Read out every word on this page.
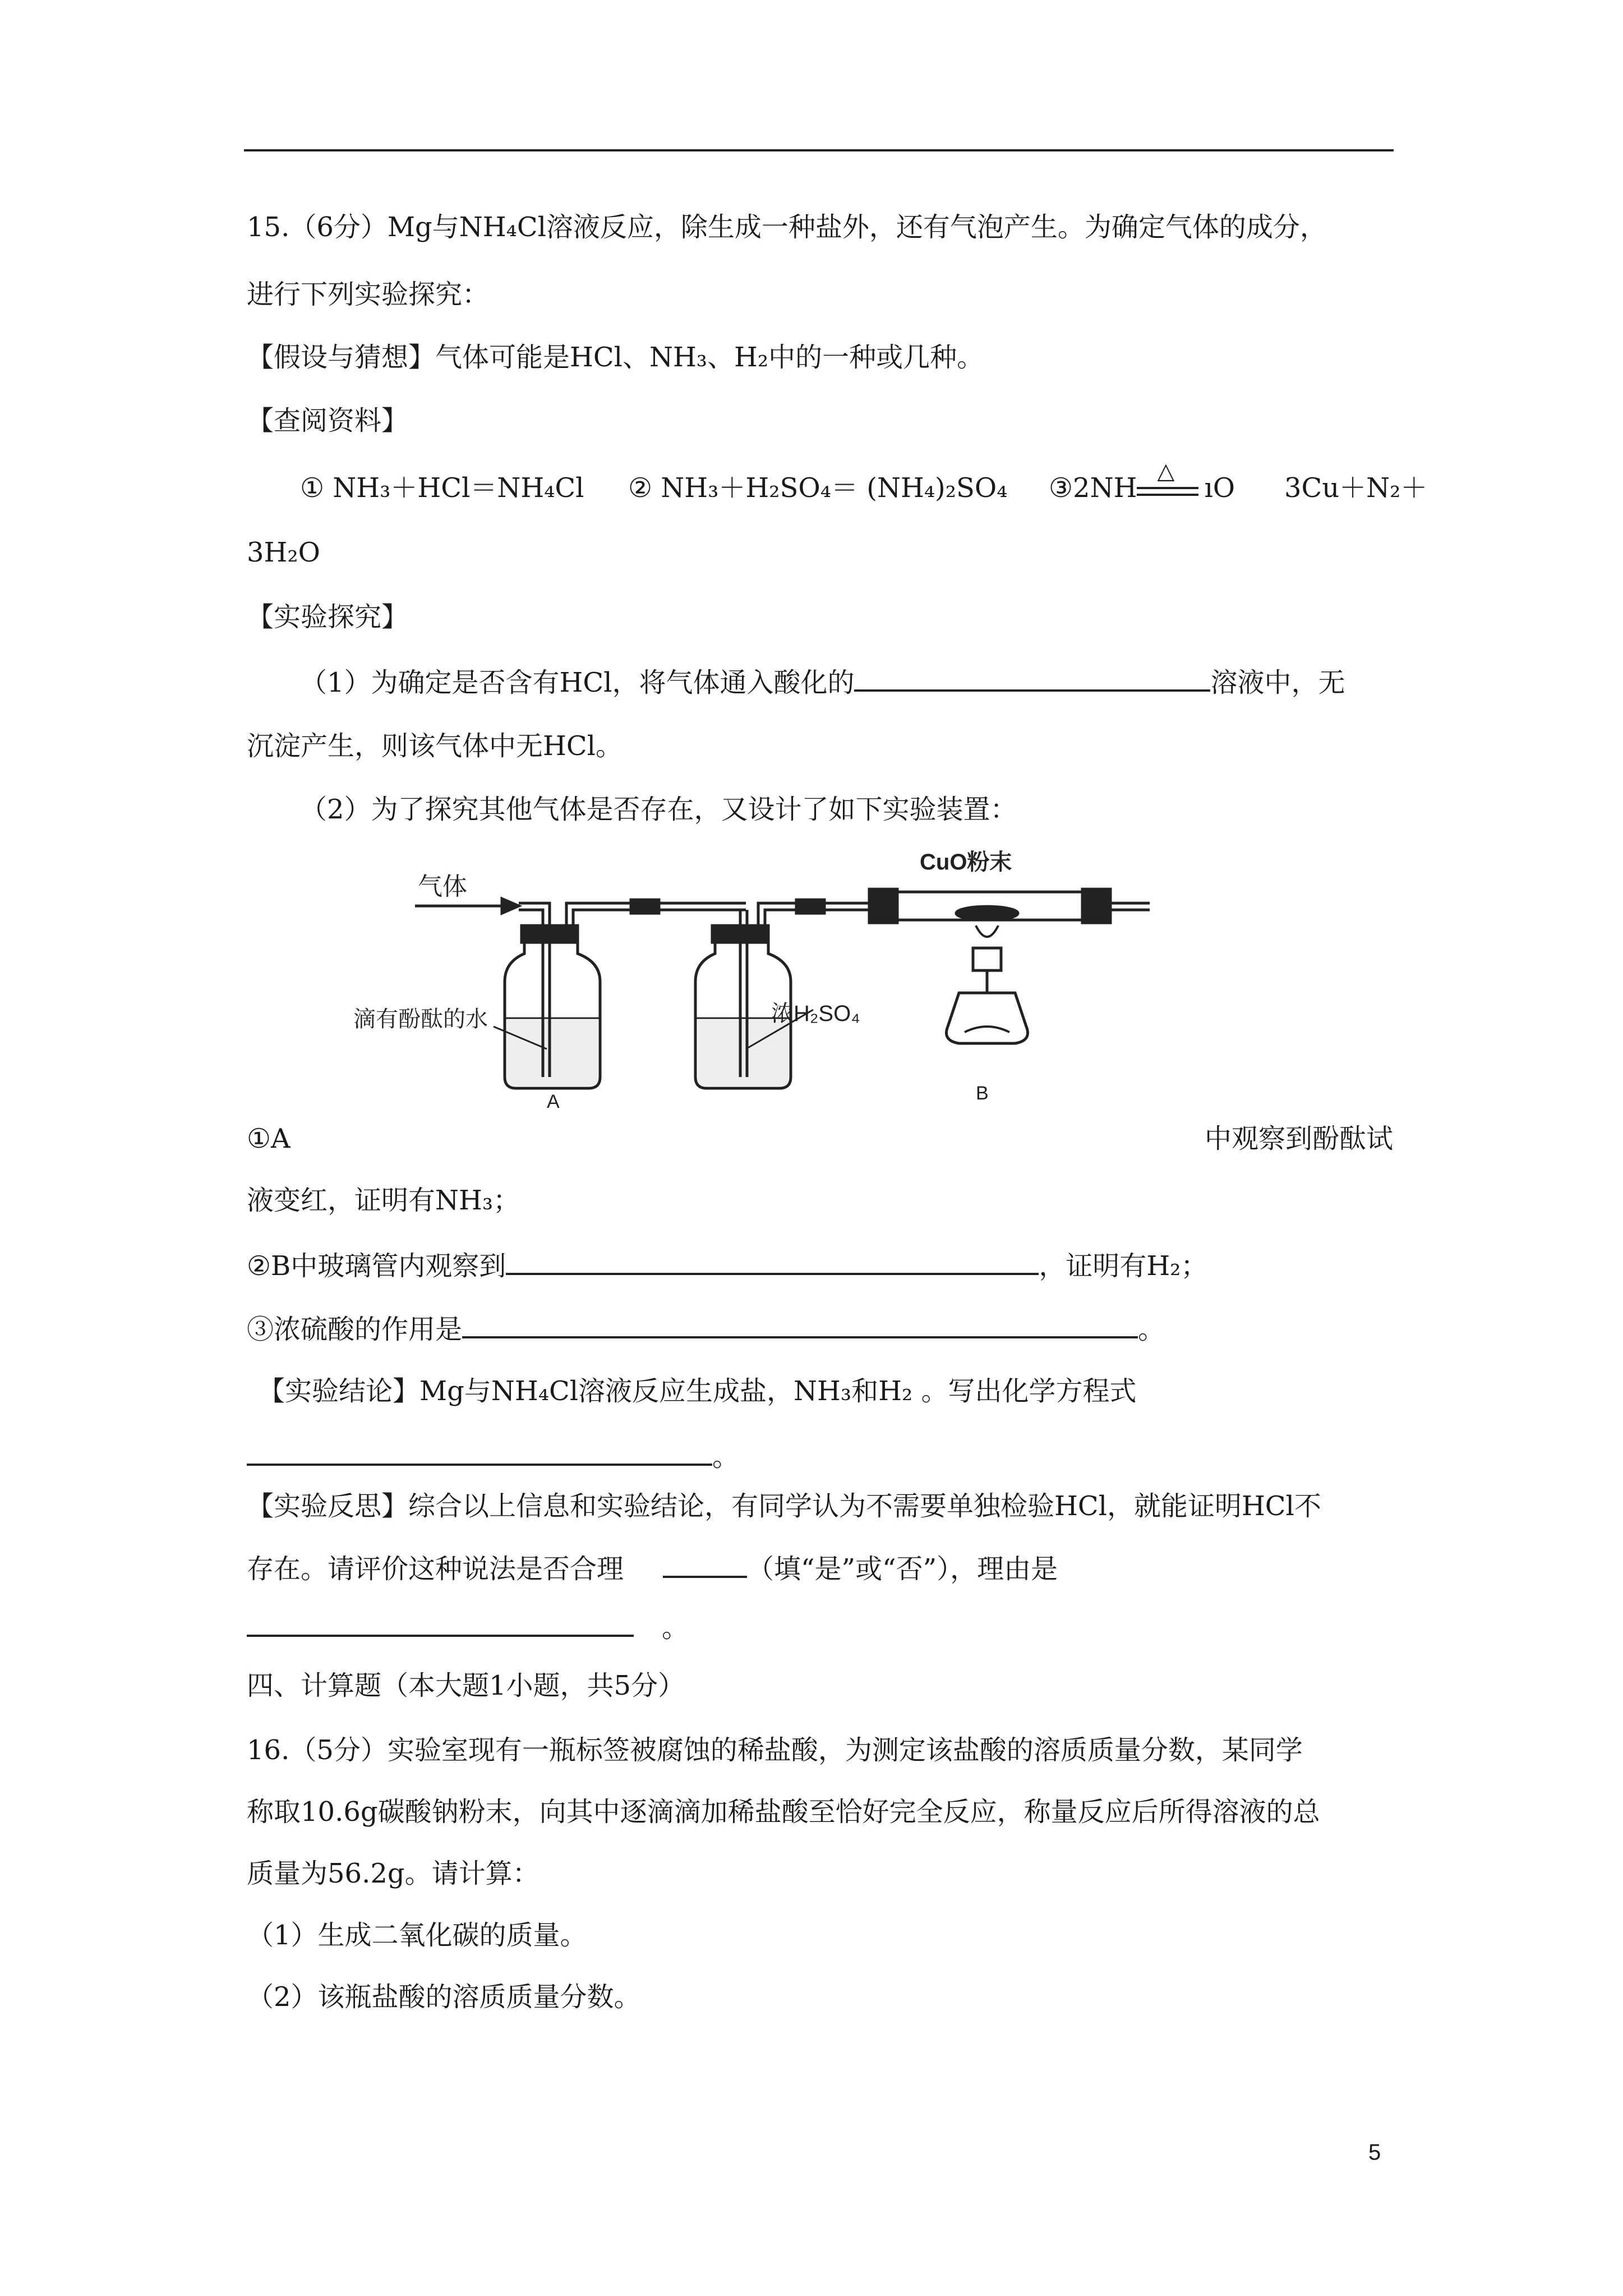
15.（6分）Mg与NH₄Cl溶液反应，除生成一种盐外，还有气泡产生。为确定气体的成分，
进行下列实验探究：
【假设与猜想】气体可能是HCl、NH₃、H₂中的一种或几种。
【查阅资料】
① NH₃＋HCl＝NH₄Cl ② NH₃＋H₂SO₄＝ (NH₄)₂SO₄ ③2NH
△
ıO 3Cu＋N₂＋
3H₂O
【实验探究】
（1）为确定是否含有HCl，将气体通入酸化的	溶液中，无
沉淀产生，则该气体中无HCl。
（2）为了探究其他气体是否存在，又设计了如下实验装置：
气体
CuO粉末
滴有酚酞的水	浓H₂SO₄
A	B
①A	中观察到酚酞试
液变红，证明有NH₃；
②B中玻璃管内观察到	，证明有H₂；
③浓硫酸的作用是	。
【实验结论】Mg与NH₄Cl溶液反应生成盐，NH₃和H₂ 。写出化学方程式
。
【实验反思】综合以上信息和实验结论，有同学认为不需要单独检验HCl，就能证明HCl不
存在。请评价这种说法是否合理	（填“是”或“否”），理由是
。
四、计算题（本大题1小题，共5分）
16.（5分）实验室现有一瓶标签被腐蚀的稀盐酸，为测定该盐酸的溶质质量分数，某同学
称取10.6g碳酸钠粉末，向其中逐滴滴加稀盐酸至恰好完全反应，称量反应后所得溶液的总
质量为56.2g。请计算：
（1）生成二氧化碳的质量。
（2）该瓶盐酸的溶质质量分数。
5
